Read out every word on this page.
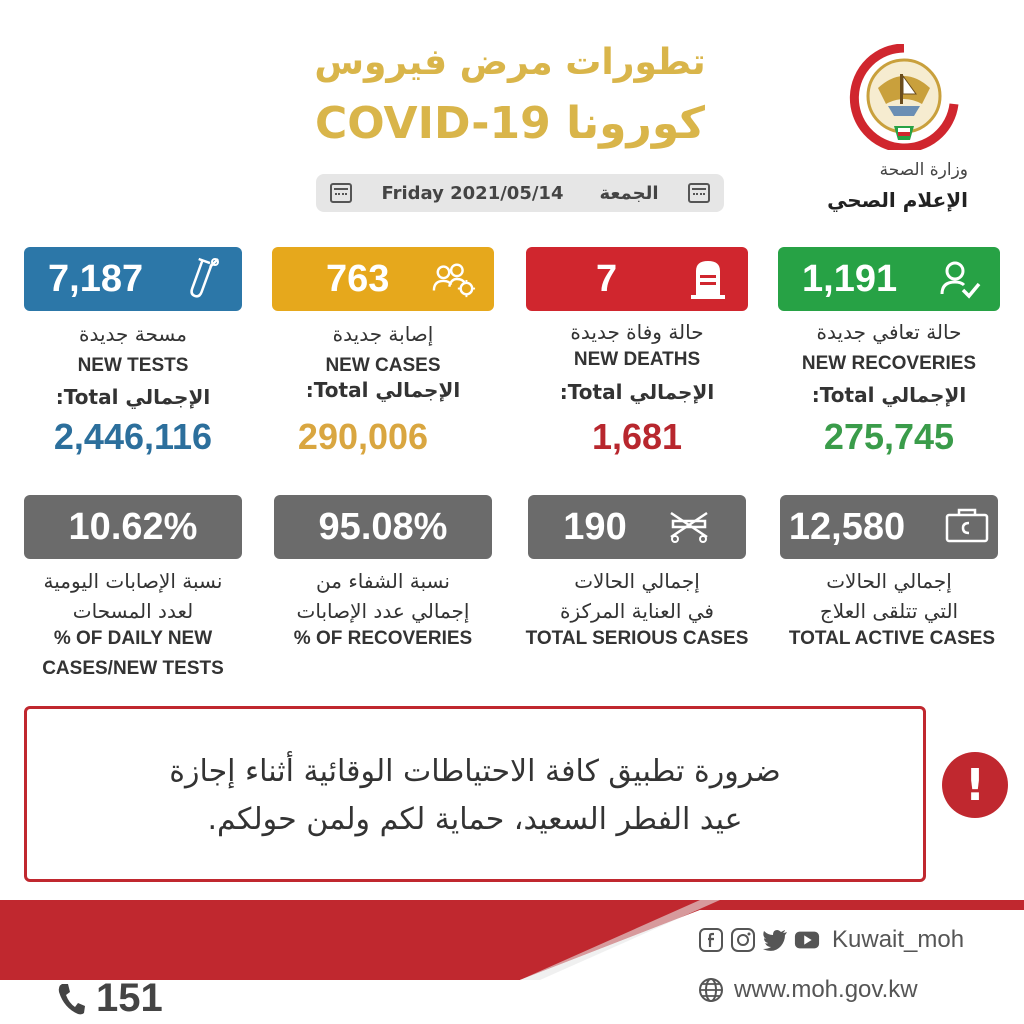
تطورات مرض فيروس
كورونا COVID-19
Friday 2021/05/14 الجمعة
وزارة الصحة
الإعلام الصحي
1,191
حالة تعافي جديدة
NEW RECOVERIES
الإجمالي Total:
275,745
7
حالة وفاة جديدة
NEW DEATHS
الإجمالي Total:
1,681
763
إصابة جديدة
NEW CASES
الإجمالي Total:
290,006
7,187
مسحة جديدة
NEW TESTS
الإجمالي Total:
2,446,116
12,580
إجمالي الحالات
التي تتلقى العلاج
TOTAL ACTIVE CASES
190
إجمالي الحالات
في العناية المركزة
TOTAL SERIOUS CASES
95.08%
نسبة الشفاء من
إجمالي عدد الإصابات
% OF RECOVERIES
10.62%
نسبة الإصابات اليومية
لعدد المسحات
% OF DAILY NEW
CASES/NEW TESTS
ضرورة تطبيق كافة الاحتياطات الوقائية أثناء إجازة
عيد الفطر السعيد، حماية لكم ولمن حولكم.
!
151
Kuwait_moh
www.moh.gov.kw
